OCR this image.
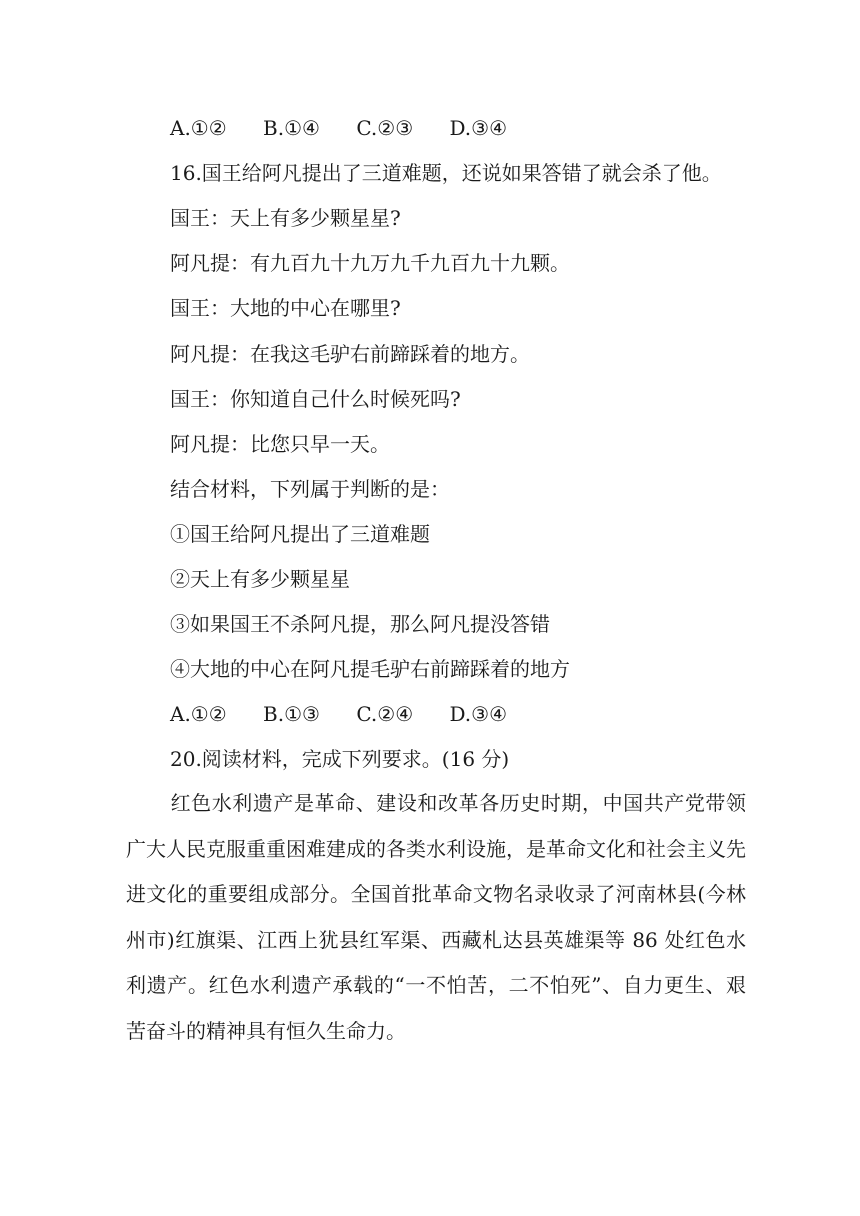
A.①② B.①④ C.②③ D.③④
16.国王给阿凡提出了三道难题，还说如果答错了就会杀了他。
国王：天上有多少颗星星?
阿凡提：有九百九十九万九千九百九十九颗。
国王：大地的中心在哪里?
阿凡提：在我这毛驴右前蹄踩着的地方。
国王：你知道自己什么时候死吗?
阿凡提：比您只早一天。
结合材料，下列属于判断的是：
①国王给阿凡提出了三道难题
②天上有多少颗星星
③如果国王不杀阿凡提，那么阿凡提没答错
④大地的中心在阿凡提毛驴右前蹄踩着的地方
A.①② B.①③ C.②④ D.③④
20.阅读材料，完成下列要求。(16 分)
红色水利遗产是革命、建设和改革各历史时期，中国共产党带领广大人民克服重重困难建成的各类水利设施，是革命文化和社会主义先进文化的重要组成部分。全国首批革命文物名录收录了河南林县(今林州市)红旗渠、江西上犹县红军渠、西藏札达县英雄渠等 86 处红色水利遗产。红色水利遗产承载的“一不怕苦，二不怕死”、自力更生、艰苦奋斗的精神具有恒久生命力。
